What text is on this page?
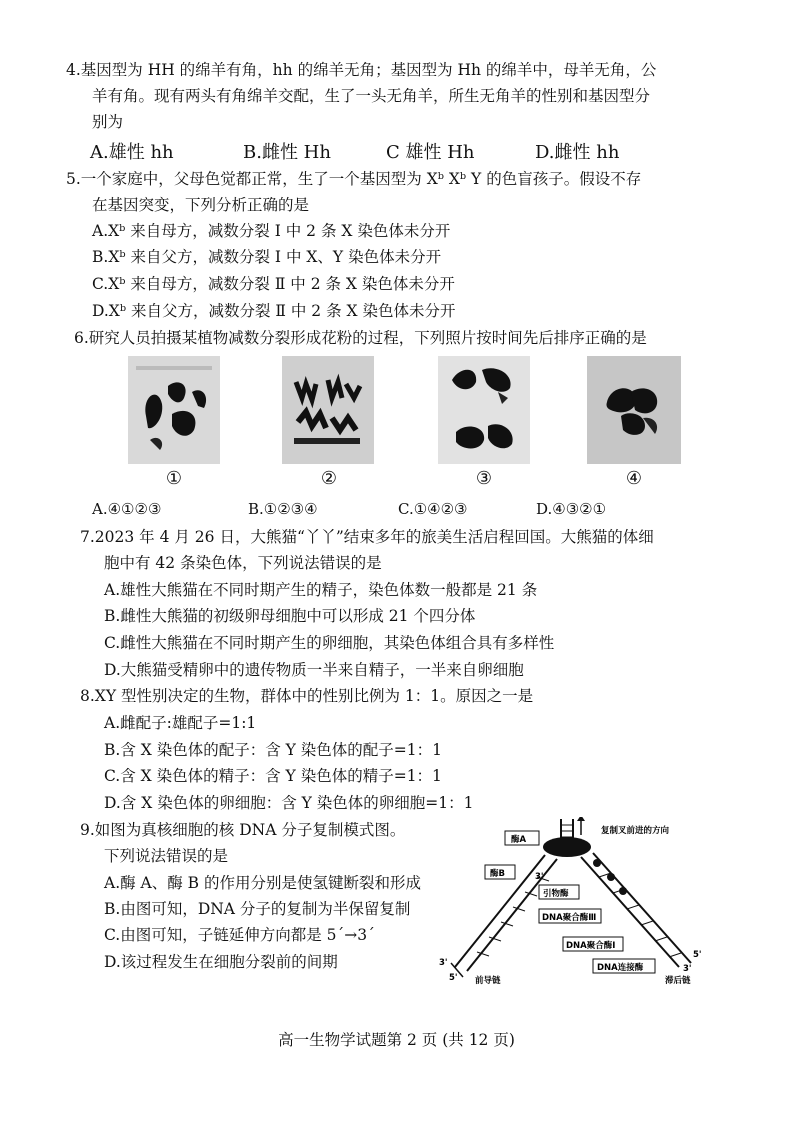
4.基因型为 HH 的绵羊有角，hh 的绵羊无角；基因型为 Hh 的绵羊中，母羊无角，公
羊有角。现有两头有角绵羊交配，生了一头无角羊，所生无角羊的性别和基因型分
别为
A.雄性 hh	B.雌性 Hh	C 雄性 Hh	D.雌性 hh
5.一个家庭中，父母色觉都正常，生了一个基因型为 Xᵇ Xᵇ Y 的色盲孩子。假设不存
在基因突变，下列分析正确的是
A.Xᵇ 来自母方，减数分裂 Ⅰ 中 2 条 X 染色体未分开
B.Xᵇ 来自父方，减数分裂 Ⅰ 中 X、Y 染色体未分开
C.Xᵇ 来自母方，减数分裂 Ⅱ 中 2 条 X 染色体未分开
D.Xᵇ 来自父方，减数分裂 Ⅱ 中 2 条 X 染色体未分开
6.研究人员拍摄某植物减数分裂形成花粉的过程，下列照片按时间先后排序正确的是
①	②	③	④
A.④①②③	B.①②③④	C.①④②③	D.④③②①
7.2023 年 4 月 26 日，大熊猫“丫丫”结束多年的旅美生活启程回国。大熊猫的体细
胞中有 42 条染色体，下列说法错误的是
A.雄性大熊猫在不同时期产生的精子，染色体数一般都是 21 条
B.雌性大熊猫的初级卵母细胞中可以形成 21 个四分体
C.雌性大熊猫在不同时期产生的卵细胞，其染色体组合具有多样性
D.大熊猫受精卵中的遗传物质一半来自精子，一半来自卵细胞
8.XY 型性别决定的生物，群体中的性别比例为 1：1。原因之一是
A.雌配子:雄配子=1:1
B.含 X 染色体的配子：含 Y 染色体的配子=1：1
C.含 X 染色体的精子：含 Y 染色体的精子=1：1
D.含 X 染色体的卵细胞：含 Y 染色体的卵细胞=1：1
9.如图为真核细胞的核 DNA 分子复制模式图。
下列说法错误的是
A.酶 A、酶 B 的作用分别是使氢键断裂和形成
B.由图可知，DNA 分子的复制为半保留复制
C.由图可知，子链延伸方向都是 5´→3´
D.该过程发生在细胞分裂前的间期
酶A
复制叉前进的方向
酶B	3'
引物酶
DNA聚合酶Ⅲ
DNA聚合酶Ⅰ
DNA连接酶
3'
5' 前导链
5'
3'
滞后链
高一生物学试题第 2 页 (共 12 页)
